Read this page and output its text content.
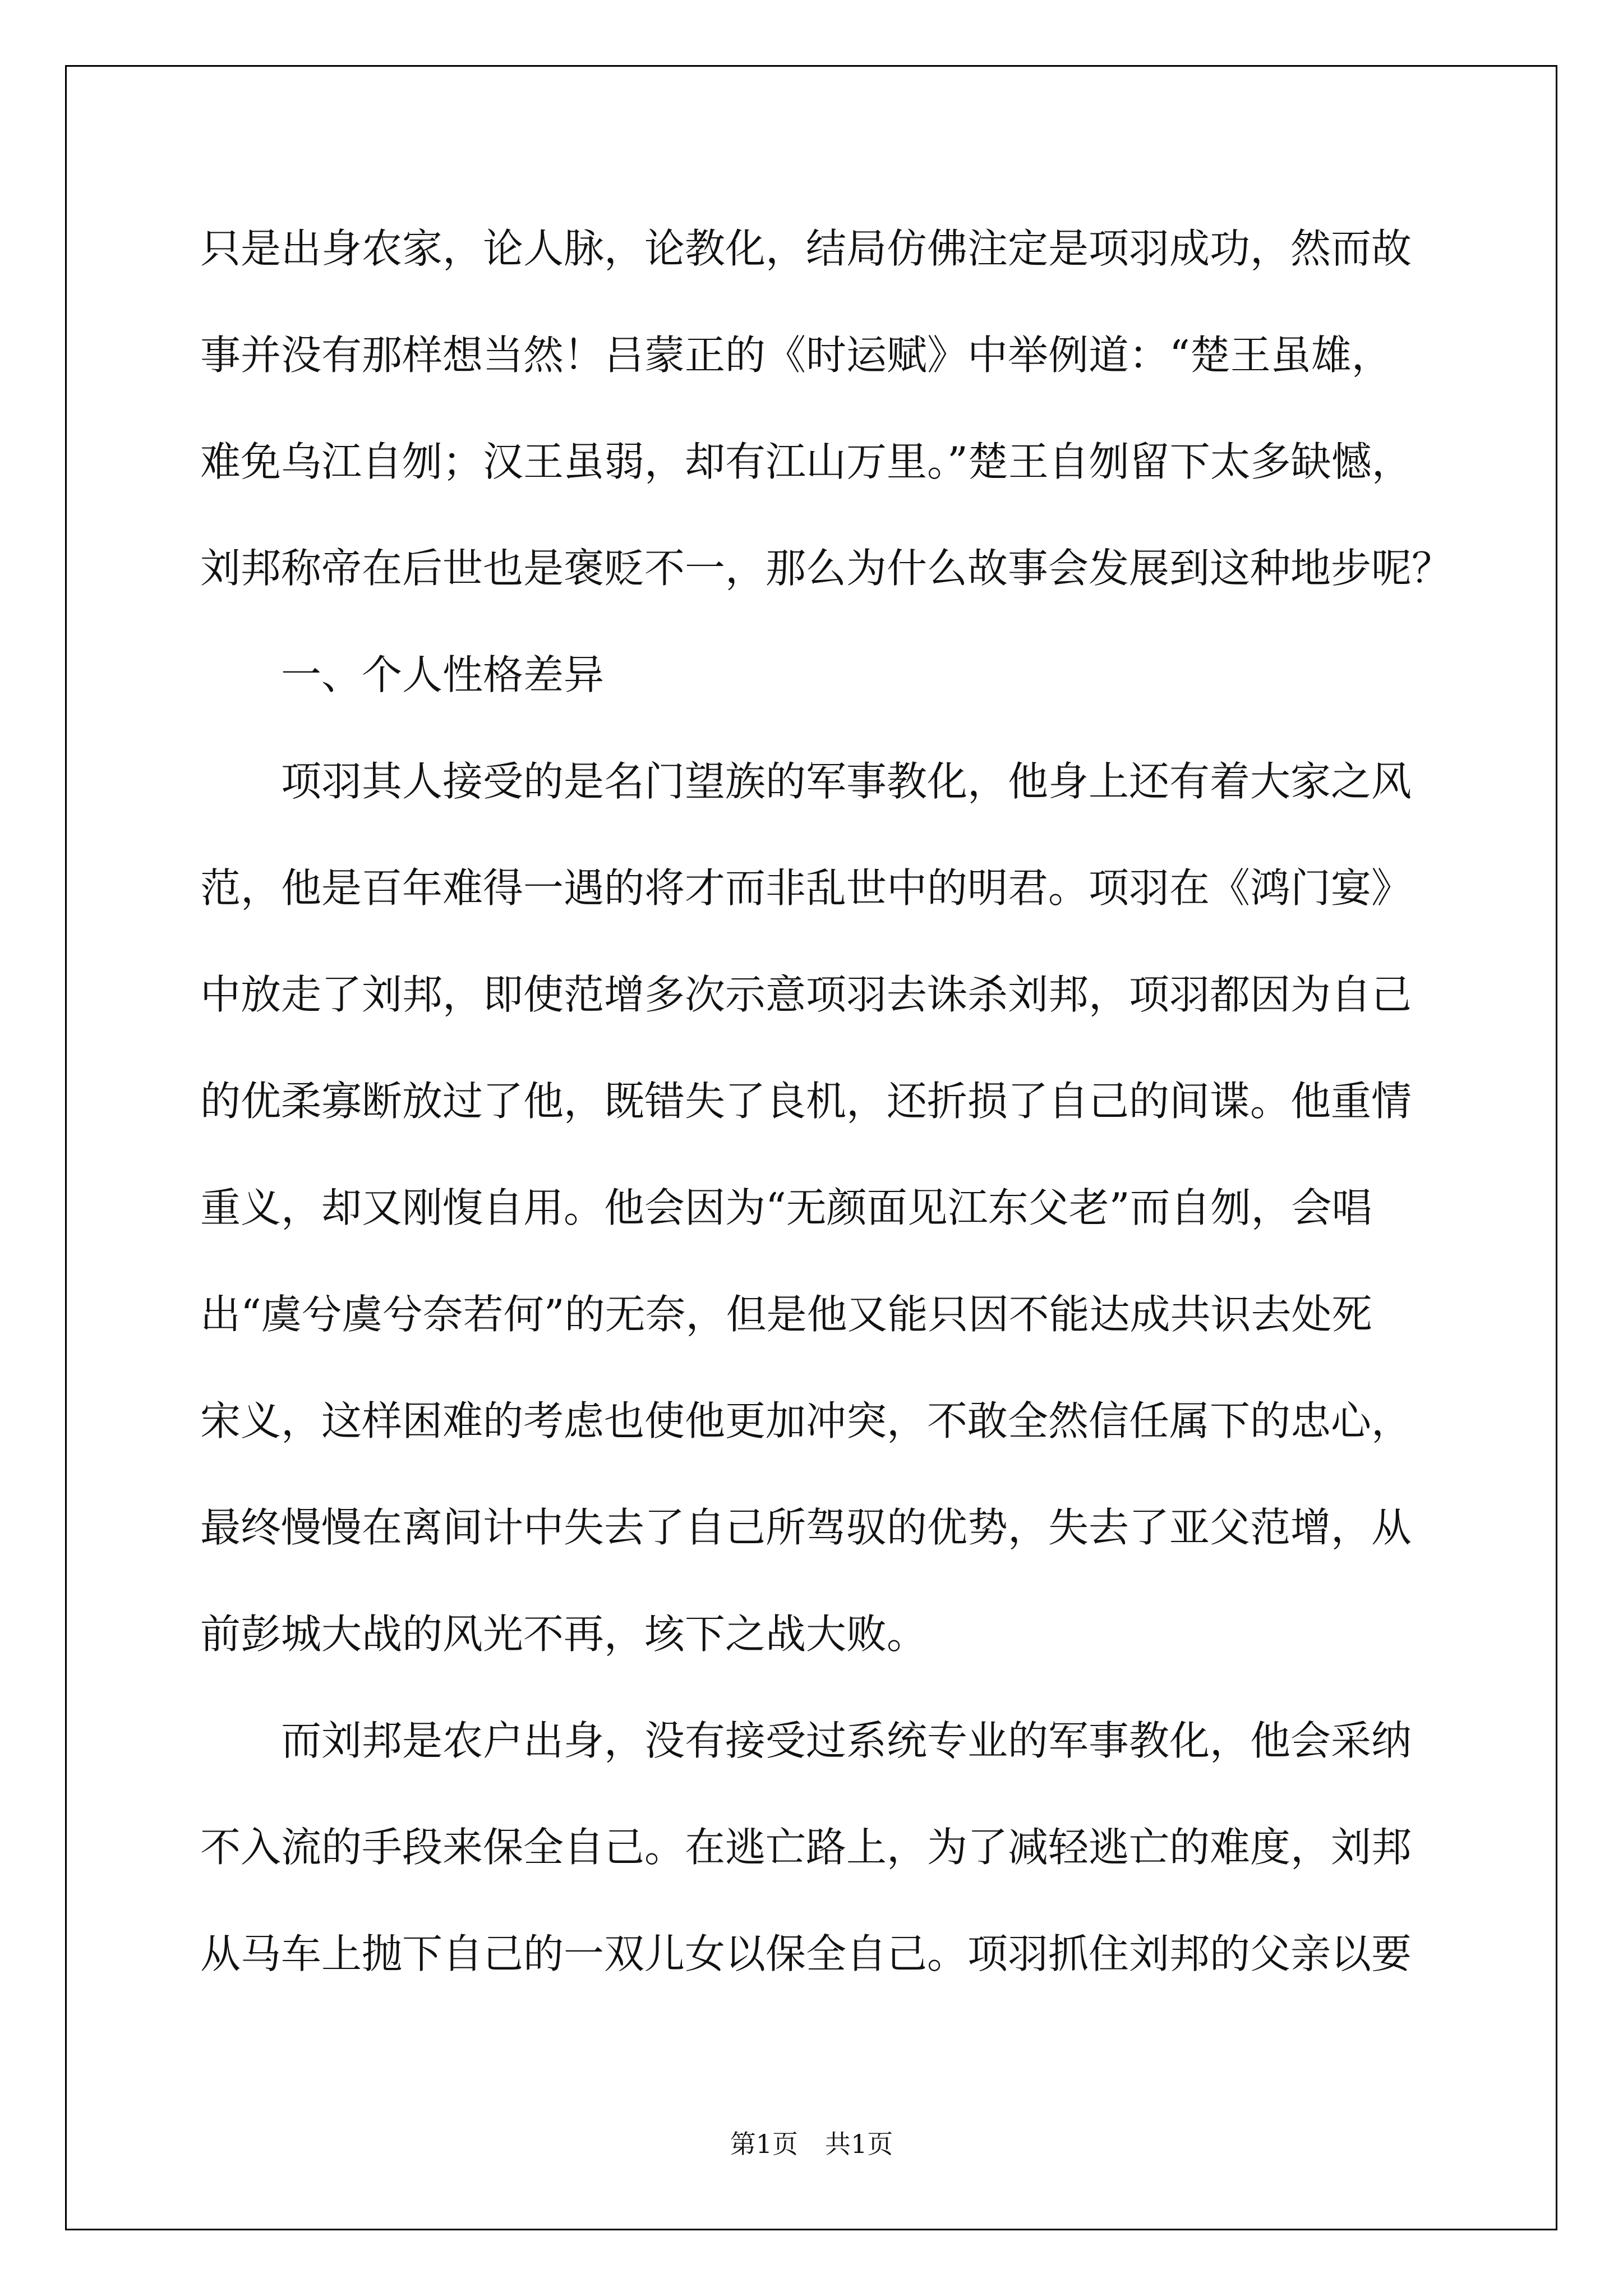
只是出身农家，论人脉，论教化，结局仿佛注定是项羽成功，然而故
事并没有那样想当然！吕蒙正的《时运赋》中举例道：“楚王虽雄，
难免乌江自刎；汉王虽弱，却有江山万里。”楚王自刎留下太多缺憾，
刘邦称帝在后世也是褒贬不一，那么为什么故事会发展到这种地步呢？
一、个人性格差异
项羽其人接受的是名门望族的军事教化，他身上还有着大家之风
范，他是百年难得一遇的将才而非乱世中的明君。项羽在《鸿门宴》
中放走了刘邦，即使范增多次示意项羽去诛杀刘邦，项羽都因为自己
的优柔寡断放过了他，既错失了良机，还折损了自己的间谍。他重情
重义，却又刚愎自用。他会因为“无颜面见江东父老”而自刎，会唱
出“虞兮虞兮奈若何”的无奈，但是他又能只因不能达成共识去处死
宋义，这样困难的考虑也使他更加冲突，不敢全然信任属下的忠心，
最终慢慢在离间计中失去了自己所驾驭的优势，失去了亚父范增，从
前彭城大战的风光不再，垓下之战大败。
而刘邦是农户出身，没有接受过系统专业的军事教化，他会采纳
不入流的手段来保全自己。在逃亡路上，为了减轻逃亡的难度，刘邦
从马车上抛下自己的一双儿女以保全自己。项羽抓住刘邦的父亲以要
第1页 共1页
